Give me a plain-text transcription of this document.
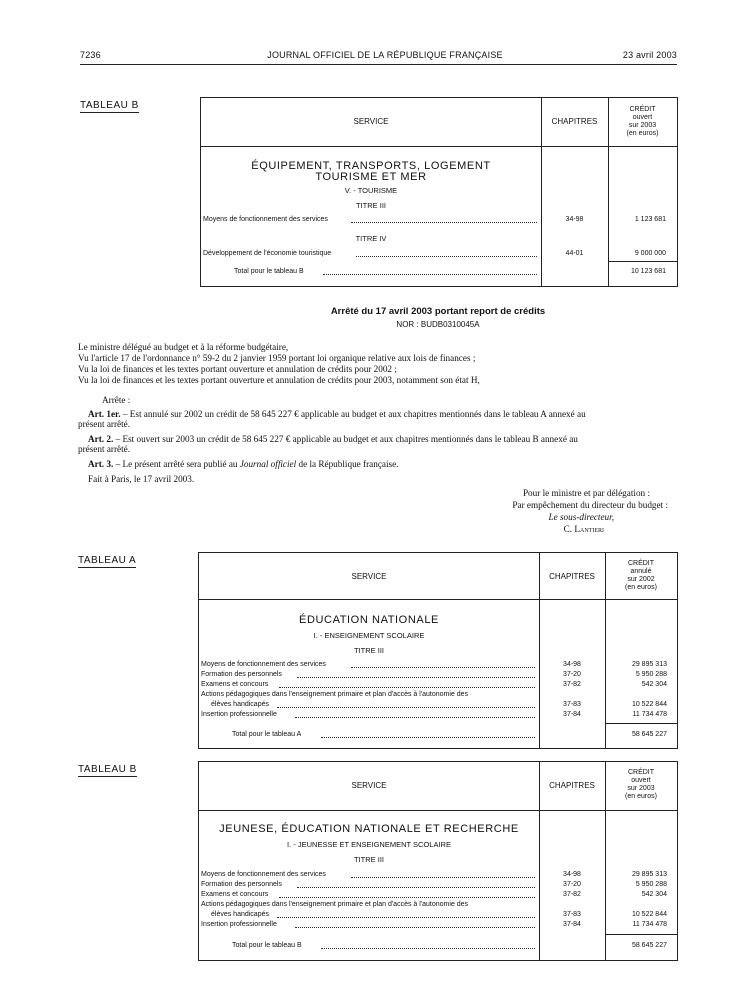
7236	JOURNAL OFFICIEL DE LA RÉPUBLIQUE FRANÇAISE	23 avril 2003
TABLEAU B
SERVICE	CHAPITRES
CRÉDIT
ouvert
sur 2003
(en euros)
ÉQUIPEMENT, TRANSPORTS, LOGEMENT
TOURISME ET MER
V. - TOURISME
TITRE III
Moyens de fonctionnement des services	34-98	1 123 681
TITRE IV
Développement de l'économie touristique	44-01	9 000 000
Total pour le tableau B	10 123 681
Arrêté du 17 avril 2003 portant report de crédits
NOR : BUDB0310045A
Le ministre délégué au budget et à la réforme budgétaire,
Vu l'article 17 de l'ordonnance n° 59-2 du 2 janvier 1959 portant loi organique relative aux lois de finances ;
Vu la loi de finances et les textes portant ouverture et annulation de crédits pour 2002 ;
Vu la loi de finances et les textes portant ouverture et annulation de crédits pour 2003, notamment son état H,
Arrête :
Art. 1er. – Est annulé sur 2002 un crédit de 58 645 227 € applicable au budget et aux chapitres mentionnés dans le tableau A annexé au
présent arrêté.
Art. 2. – Est ouvert sur 2003 un crédit de 58 645 227 € applicable au budget et aux chapitres mentionnés dans le tableau B annexé au
présent arrêté.
Art. 3. – Le présent arrêté sera publié au Journal officiel de la République française.
Fait à Paris, le 17 avril 2003.
Pour le ministre et par délégation :
Par empêchement du directeur du budget :
Le sous-directeur,
C. Lantieri
TABLEAU A
SERVICE	CHAPITRES
CRÉDIT
annulé
sur 2002
(en euros)
ÉDUCATION NATIONALE
I. - ENSEIGNEMENT SCOLAIRE
TITRE III
Moyens de fonctionnement des services	34-98	29 895 313
Formation des personnels	37-20	5 950 288
Examens et concours	37-82	542 304
Actions pédagogiques dans l'enseignement primaire et plan d'accès à l'autonomie des
élèves handicapés	37-83	10 522 844
Insertion professionnelle	37-84	11 734 478
Total pour le tableau A	58 645 227
TABLEAU B
SERVICE	CHAPITRES
CRÉDIT
ouvert
sur 2003
(en euros)
JEUNESE, ÉDUCATION NATIONALE ET RECHERCHE
I. - JEUNESSE ET ENSEIGNEMENT SCOLAIRE
TITRE III
Moyens de fonctionnement des services	34-98	29 895 313
Formation des personnels	37-20	5 950 288
Examens et concours	37-82	542 304
Actions pédagogiques dans l'enseignement primaire et plan d'accès à l'autonomie des
élèves handicapés	37-83	10 522 844
Insertion professionnelle	37-84	11 734 478
Total pour le tableau B	58 645 227
